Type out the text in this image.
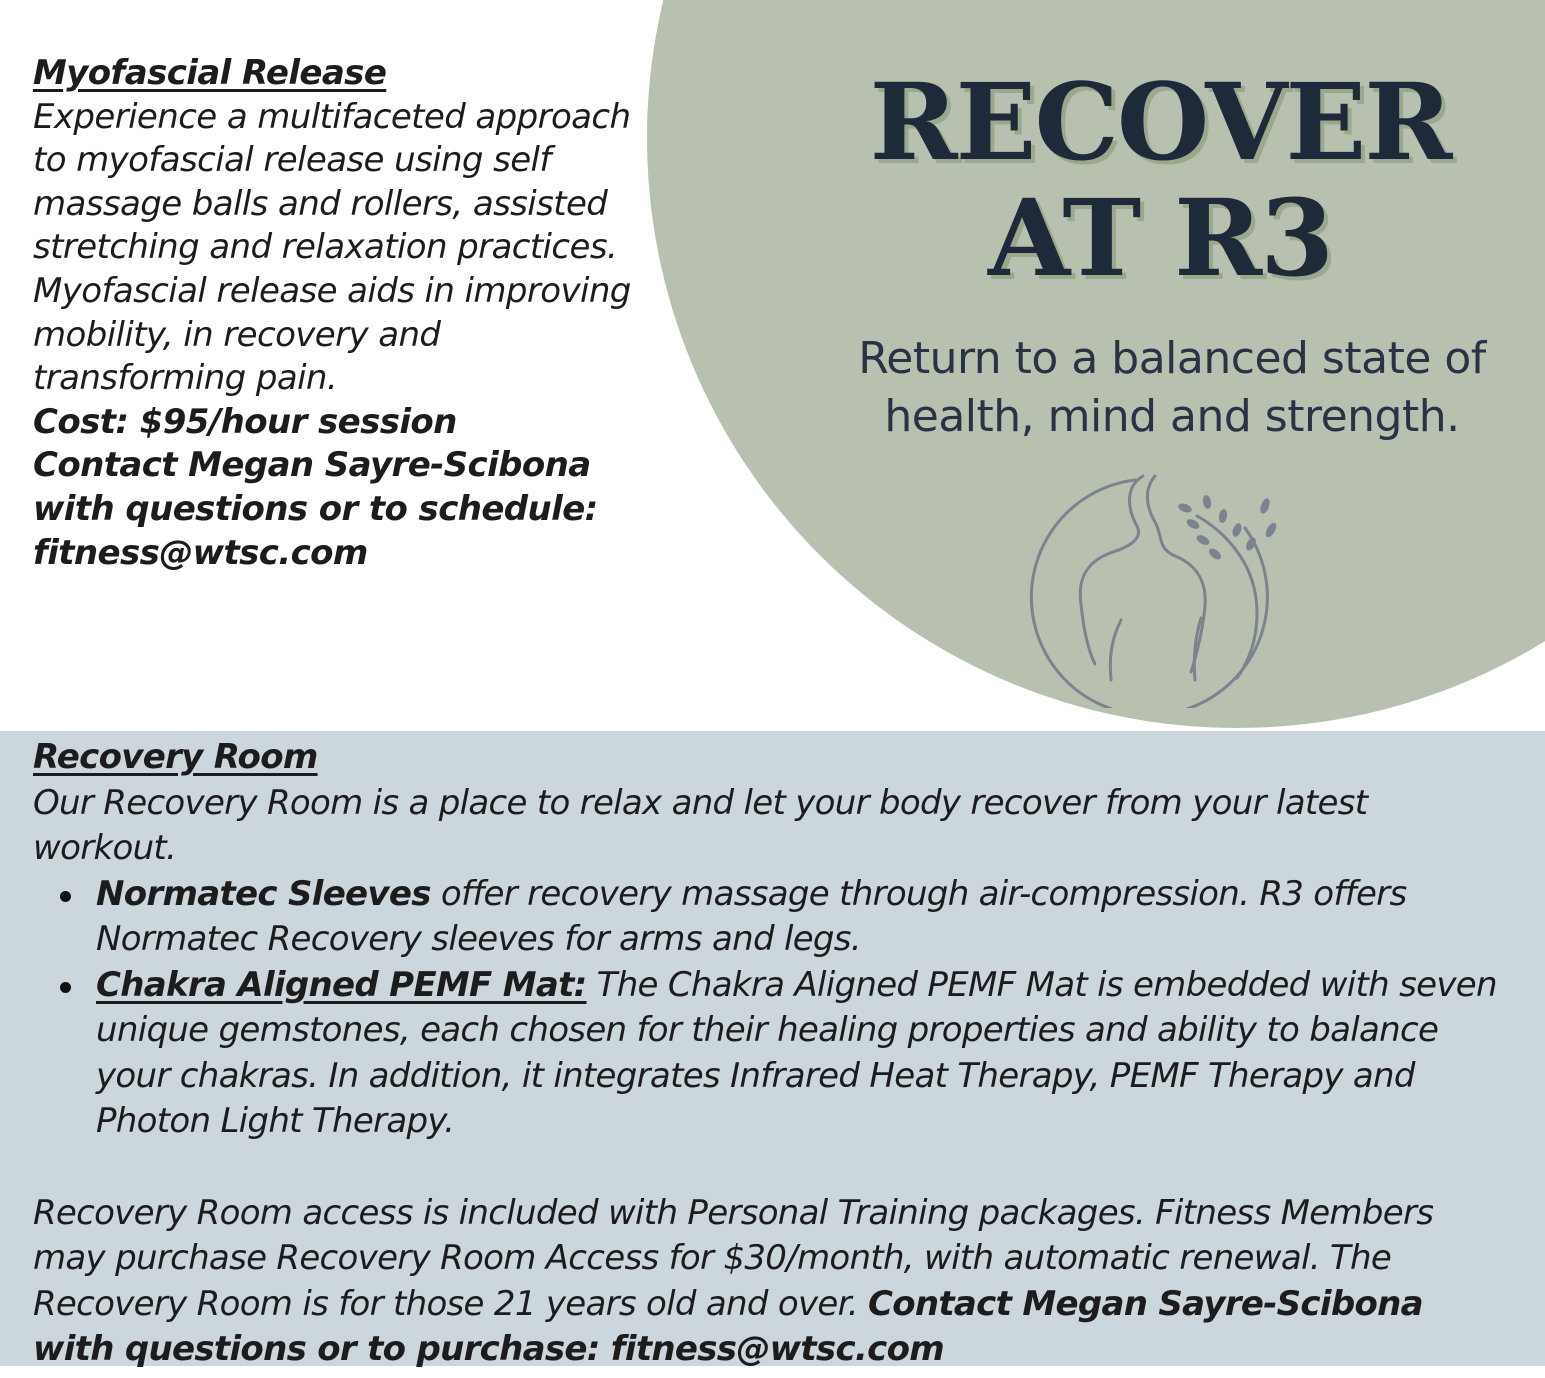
Myofascial Release
Experience a multifaceted approach to myofascial release using self massage balls and rollers, assisted stretching and relaxation practices. Myofascial release aids in improving mobility, in recovery and transforming pain.
Cost: $95/hour session
Contact Megan Sayre-Scibona with questions or to schedule:
fitness@wtsc.com
RECOVER
AT R3
Return to a balanced state of
health, mind and strength.
Recovery Room
Our Recovery Room is a place to relax and let your body recover from your latest workout.
Normatec Sleeves offer recovery massage through air-compression. R3 offers Normatec Recovery sleeves for arms and legs.
Chakra Aligned PEMF Mat: The Chakra Aligned PEMF Mat is embedded with seven unique gemstones, each chosen for their healing properties and ability to balance your chakras. In addition, it integrates Infrared Heat Therapy, PEMF Therapy and Photon Light Therapy.
Recovery Room access is included with Personal Training packages. Fitness Members may purchase Recovery Room Access for $30/month, with automatic renewal. The Recovery Room is for those 21 years old and over. Contact Megan Sayre-Scibona with questions or to purchase: fitness@wtsc.com
